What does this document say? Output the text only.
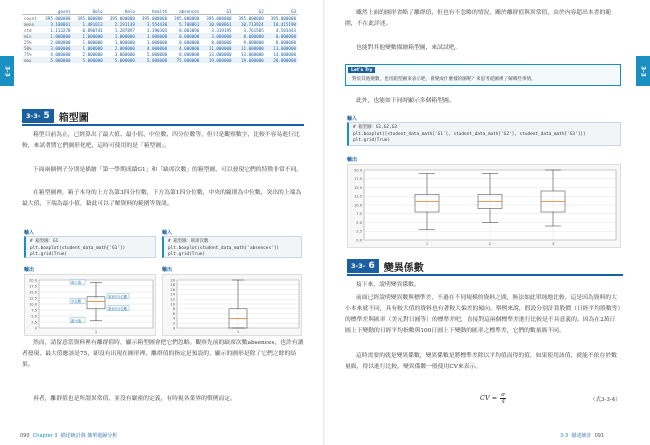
3-3
	gosei	Dolo	Halo	health	absences	G1	G2	G3
count	395.000000	395.000000	395.000000	395.000000	395.000000	395.000000	395.000000	395.000000
mean	3.108861	1.481013	2.291139	3.554430	5.708861	10.908861	10.713924	10.415190
std	1.113278	0.890741	1.287897	1.390303	8.003096	3.319195	3.761505	4.581443
min	1.000000	1.000000	1.000000	1.000000	0.000000	3.000000	0.000000	0.000000
25%	2.000000	1.000000	1.000000	3.000000	0.000000	8.000000	9.000000	8.000000
50%	3.000000	1.000000	2.000000	4.000000	4.000000	11.000000	11.000000	11.000000
75%	4.000000	2.000000	3.000000	5.000000	8.000000	13.000000	13.000000	14.000000
max	5.000000	5.000000	5.000000	5.000000	75.000000	19.000000	19.000000	20.000000
3-3- 5 箱型圖
箱型目前為止，已經算出了最大值、最小值、中位數、四分位數等，但只是觀察數字，比較不容易進行比較，來試著將它們圖形化吧，這時可使用的是「箱型圖」。
下面兩個例子分別是描繪「第一學期成績G1」和「缺席次數」的箱型圖，可以發現它們的特徵非常不同。
在箱型圖裡，箱子本身的上方為第3四分位數，下方為第1四分位數，中央的線則為中位數，突出的上端為最大值，下端為最小值，藉此可以了解資料的範圍等資訊。
輸入
# 箱型圖：G1
plt.boxplot(student_data_math['G1'])
plt.grid(True)
輸入
# 箱型圖：缺席次數
plt.boxplot(student_data_math['absences'])
plt.grid(True)
輸出
0
2.5
5.0
7.5
10.0
12.5
15.0
17.5
20.0
1
最大值
第3四分位數
中位數
第1四分位數
最小值
輸出
0
2
4
6
8
10
12
14
16
18
20
1
然而，請留意當資料裡有離群值時，顯示箱型圖會把它們忽略。觀察先前的缺席次數absences，也許有讀者發現，最大值應該是75，卻沒有出現在圖形裡，離群值的指定是預設的，顯示的圖形是除了它們之餘的結果。
再者，離群值也是所謂異常值，並沒有嚴密的定義，有時視各業界的慣例而定。
090 Chapter 3 描述統計與 簡單迴歸分析
3-3
雖然上面的圖形省略了離群值，但也有不忽略的情況，關於離群值與異常值，由於內容超出本書的範圍，不在此詳述。
也能對其他變數描繪箱型圖，來試試吧。
Let's Try
對於其他變數，也用箱型圖來表示吧，會變成什麼樣的圖呢？來思考從圖裡了解哪些事情。
此外，也能如下同時顯示多個箱型圖。
輸入
# 箱型圖：G1,G2,G3
plt.boxplot([student_data_math['G1'], student_data_math['G2'], student_data_math['G3']])
plt.grid(True)
輸出
0.0
2.5
5.0
7.5
10.0
12.5
15.0
17.5
20.0
1	2	3
3-3- 6 變異係數
接下來，說明變異係數。
前面已經說明變異數與標準差，不過在不同規模的資料之間，無法如此單純地比較。這是因為資料的大小本來就不同，具有較大值的資料也有著較大偏差的傾向。舉例來說，假設分別計算股價（日經平均股數等）的標準差與匯率（美元對日圓等）的標準差吧，直接對這兩個標準差進行比較是不具意義的。因為在2萬日圓上下變動的日經平均指數與100日圓上下變動的匯率之標準差，它們的數量級不同。
這時需要的就是變異係數，變異係數是將標準差除以平均值而得的值，如果使用該值，就能不依存於數量級，得以進行比較。變異係數一般使用CV來表示。
CV = $\frac{\sigma}{x̄}$	（式3-3-4）
3-3 描述統計 091
